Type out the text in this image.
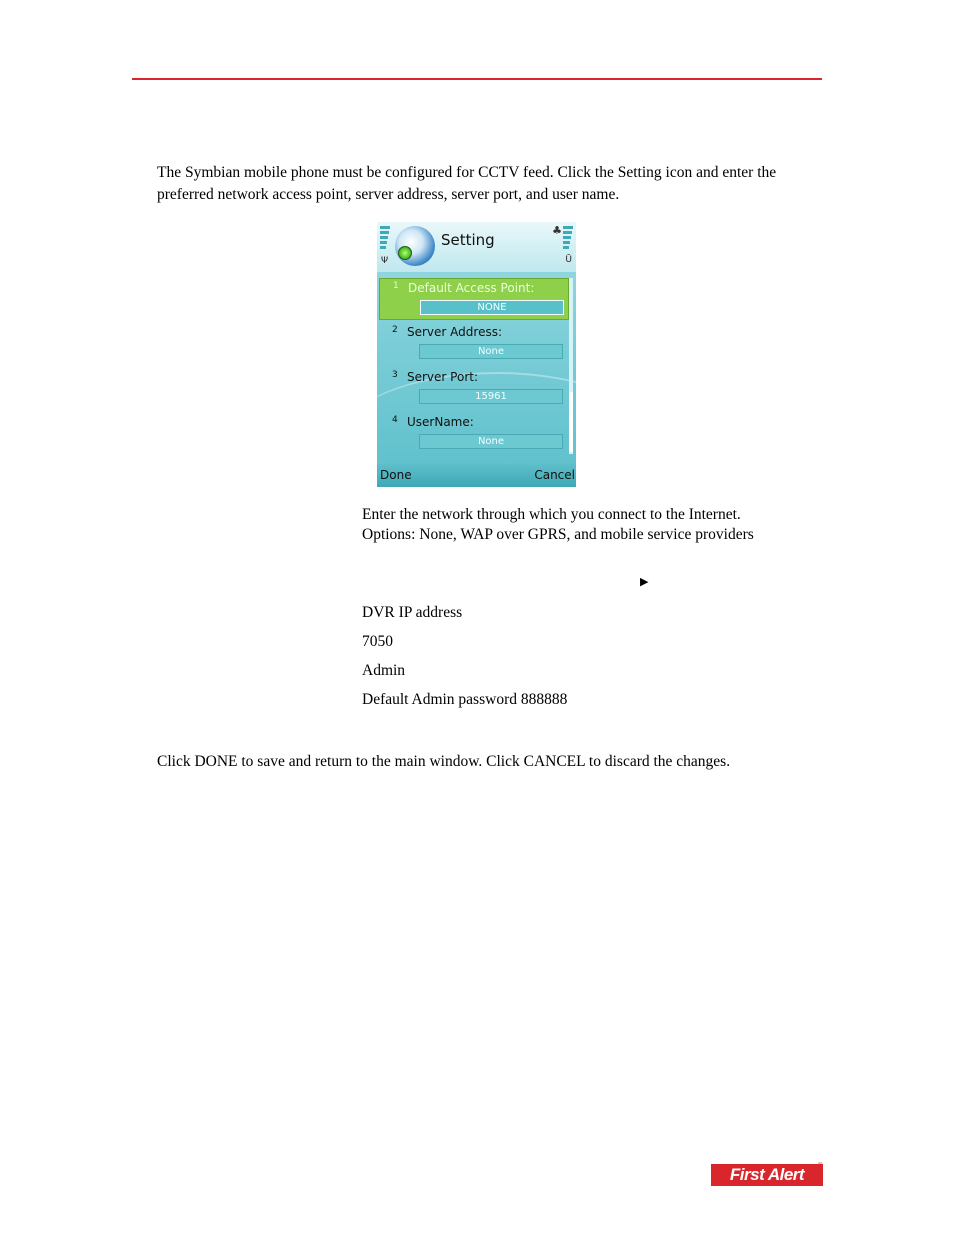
The Symbian mobile phone must be configured for CCTV feed. Click the Setting icon and enter the preferred network access point, server address, server port, and user name.

Ψ	Ū
♣
Setting
1 Default Access Point:
NONE
2 Server Address:
None
3 Server Port:
15961
4 UserName:
None
Done	Cancel

Enter the network through which you connect to the Internet.

Options: None, WAP over GPRS, and mobile service providers

▶

DVR IP address

7050

Admin

Default Admin password 888888

Click DONE to save and return to the main window. Click CANCEL to discard the changes.

First Alert	®
